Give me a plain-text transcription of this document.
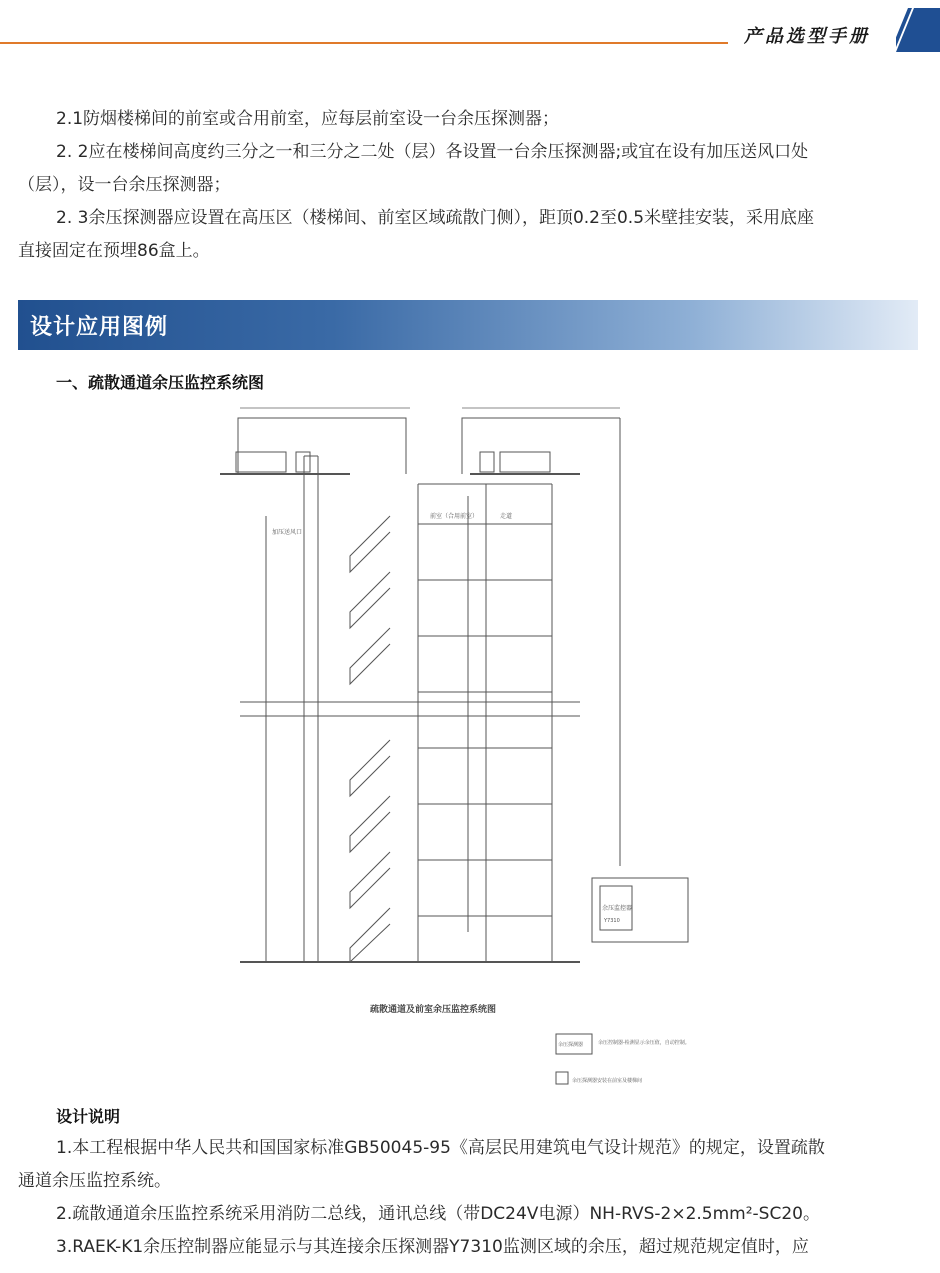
产品选型手册
2.1防烟楼梯间的前室或合用前室，应每层前室设一台余压探测器；
2. 2应在楼梯间高度约三分之一和三分之二处（层）各设置一台余压探测器;或宜在设有加压送风口处
（层），设一台余压探测器；
2. 3余压探测器应设置在高压区（楼梯间、前室区域疏散门侧），距顶0.2至0.5米壁挂安装，采用底座
直接固定在预埋86盒上。
设计应用图例
一、疏散通道余压监控系统图
前室（合用前室）	走道
加压送风口
余压监控器
Y7310
疏散通道及前室余压监控系统图
余压探测器	余压控制器-检测显示余压值，自动控制。
余压探测器安装在前室及楼梯间
设计说明
1.本工程根据中华人民共和国国家标准GB50045-95《高层民用建筑电气设计规范》的规定，设置疏散
通道余压监控系统。
2.疏散通道余压监控系统采用消防二总线，通讯总线（带DC24V电源）NH-RVS-2×2.5mm²-SC20。
3.RAEK-K1余压控制器应能显示与其连接余压探测器Y7310监测区域的余压，超过规范规定值时，应
